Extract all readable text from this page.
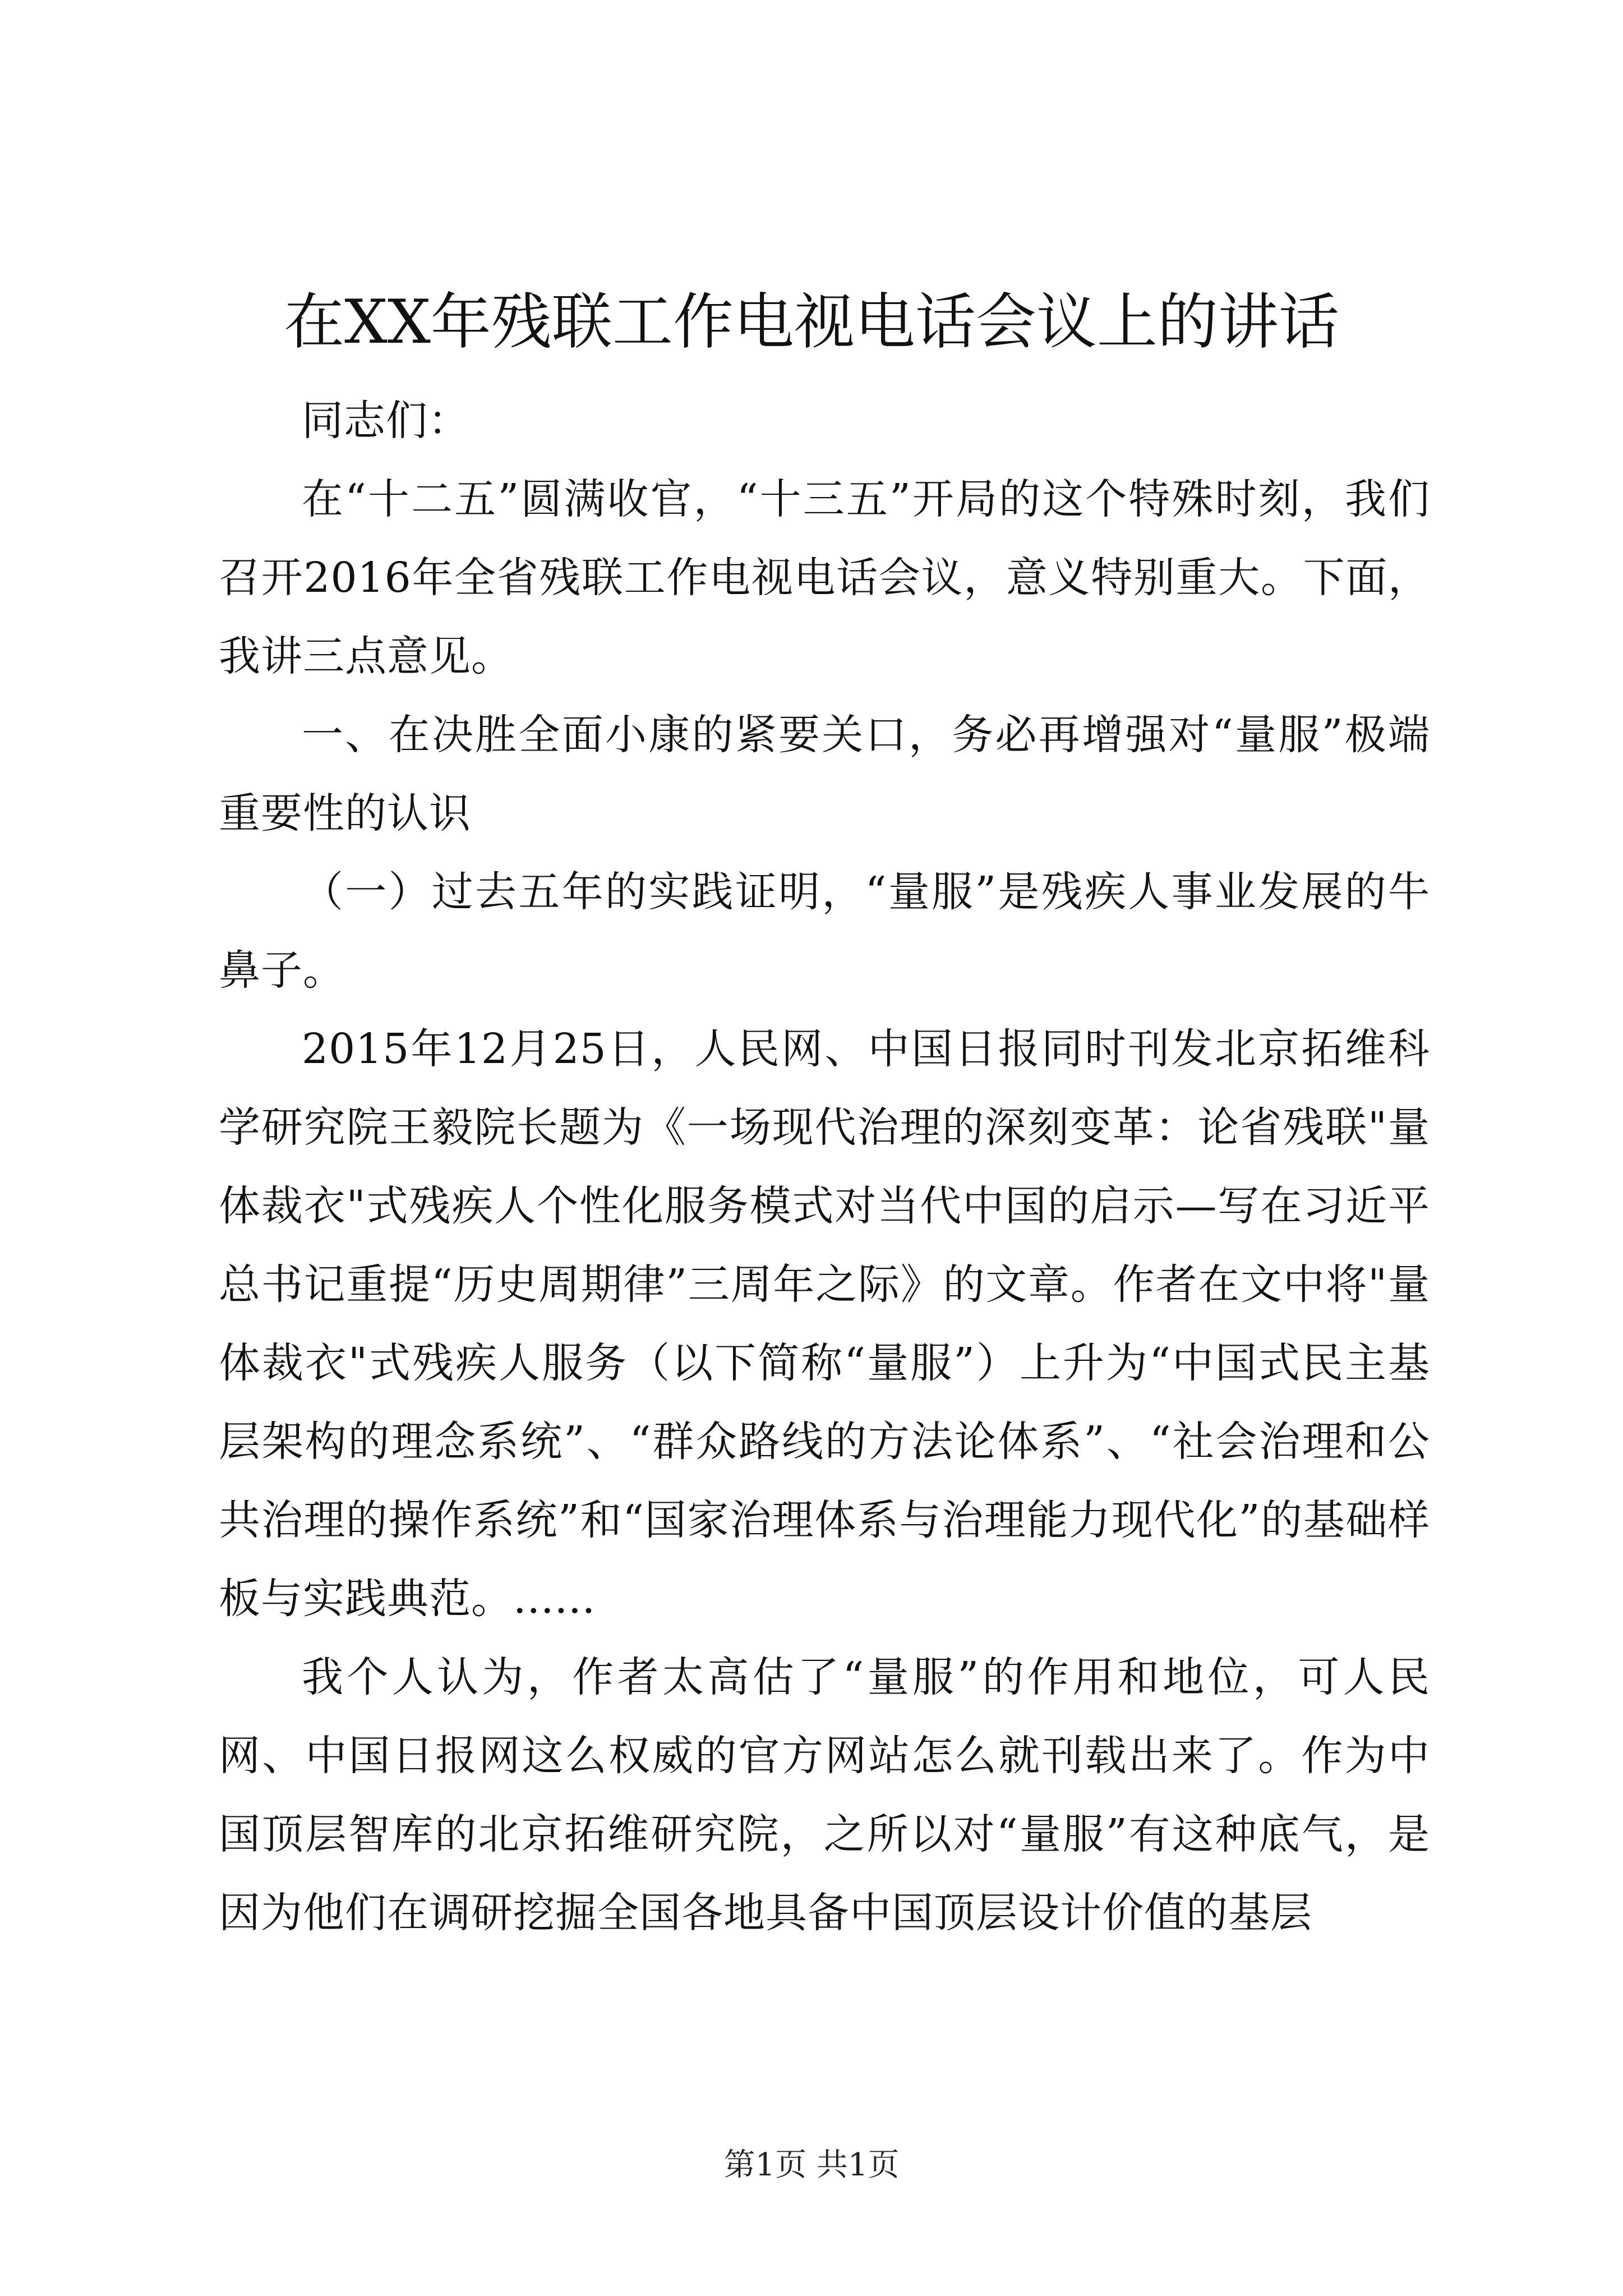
在XX年残联工作电视电话会议上的讲话

同志们：

在“十二五”圆满收官，“十三五”开局的这个特殊时刻，我们召开2016年全省残联工作电视电话会议，意义特别重大。下面，我讲三点意见。

一、在决胜全面小康的紧要关口，务必再增强对“量服”极端重要性的认识

（一）过去五年的实践证明，“量服”是残疾人事业发展的牛鼻子。

2015年12月25日，人民网、中国日报同时刊发北京拓维科学研究院王毅院长题为《一场现代治理的深刻变革：论省残联"量体裁衣"式残疾人个性化服务模式对当代中国的启示—写在习近平总书记重提“历史周期律”三周年之际》的文章。作者在文中将"量体裁衣"式残疾人服务（以下简称“量服”）上升为“中国式民主基层架构的理念系统”、“群众路线的方法论体系”、“社会治理和公共治理的操作系统”和“国家治理体系与治理能力现代化”的基础样板与实践典范。......

我个人认为，作者太高估了“量服”的作用和地位，可人民网、中国日报网这么权威的官方网站怎么就刊载出来了。作为中国顶层智库的北京拓维研究院，之所以对“量服”有这种底气，是因为他们在调研挖掘全国各地具备中国顶层设计价值的基层

第1页 共1页
